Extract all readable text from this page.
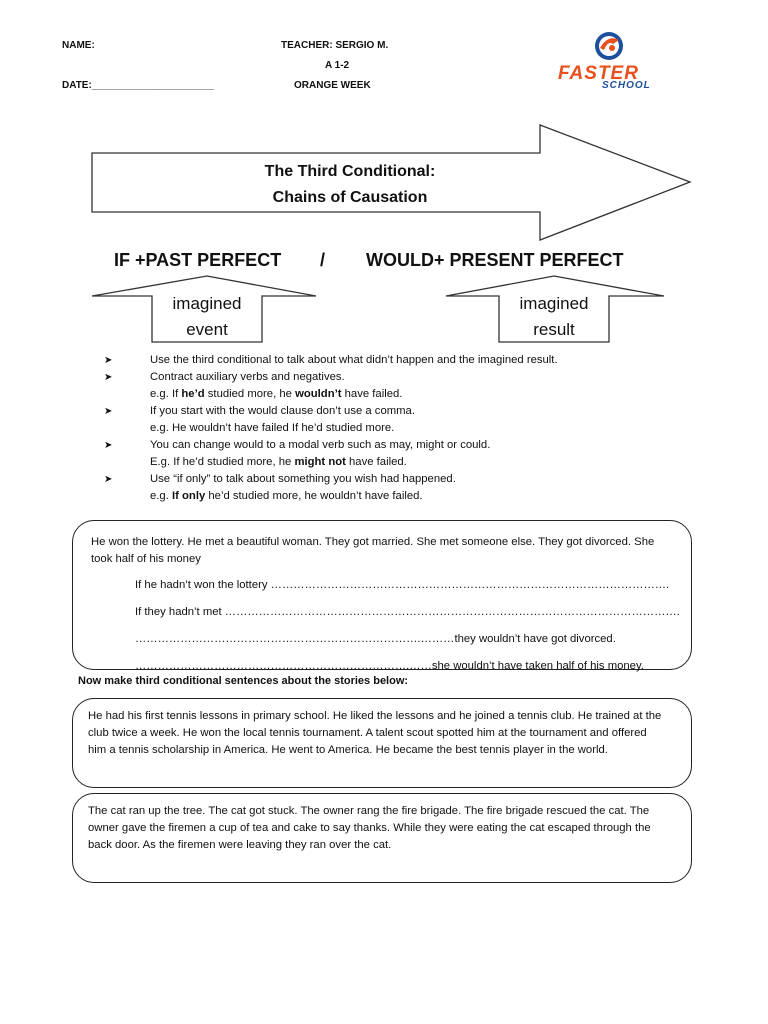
NAME:	TEACHER: SERGIO M.
A 1-2
DATE:______________________	ORANGE WEEK
FASTER
SCHOOL
The Third Conditional:
Chains of Causation
IF +PAST PERFECT / WOULD+ PRESENT PERFECT
imagined
event
imagined
result
➤	Use the third conditional to talk about what didn’t happen and the imagined result.
➤	Contract auxiliary verbs and negatives.
e.g. If he’d studied more, he wouldn’t have failed.
➤	If you start with the would clause don’t use a comma.
e.g. He wouldn’t have failed If he’d studied more.
➤	You can change would to a modal verb such as may, might or could.
E.g. If he’d studied more, he might not have failed.
➤	Use “if only” to talk about something you wish had happened.
e.g. If only he’d studied more, he wouldn’t have failed.
He won the lottery. He met a beautiful woman. They got married. She met someone else. They got divorced. She took half of his money
If he hadn’t won the lottery …………………………………………………………………………………………….
If they hadn’t met ………………………………………………………………………………………………………….
………………………………………………………………….………they wouldn’t have got divorced.
……………………………………………………………….……she wouldn’t have taken half of his money.
Now make third conditional sentences about the stories below:
He had his first tennis lessons in primary school. He liked the lessons and he joined a tennis club. He trained at the club twice a week. He won the local tennis tournament. A talent scout spotted him at the tournament and offered him a tennis scholarship in America. He went to America. He became the best tennis player in the world.
The cat ran up the tree. The cat got stuck. The owner rang the fire brigade. The fire brigade rescued the cat. The owner gave the firemen a cup of tea and cake to say thanks. While they were eating the cat escaped through the back door. As the firemen were leaving they ran over the cat.
